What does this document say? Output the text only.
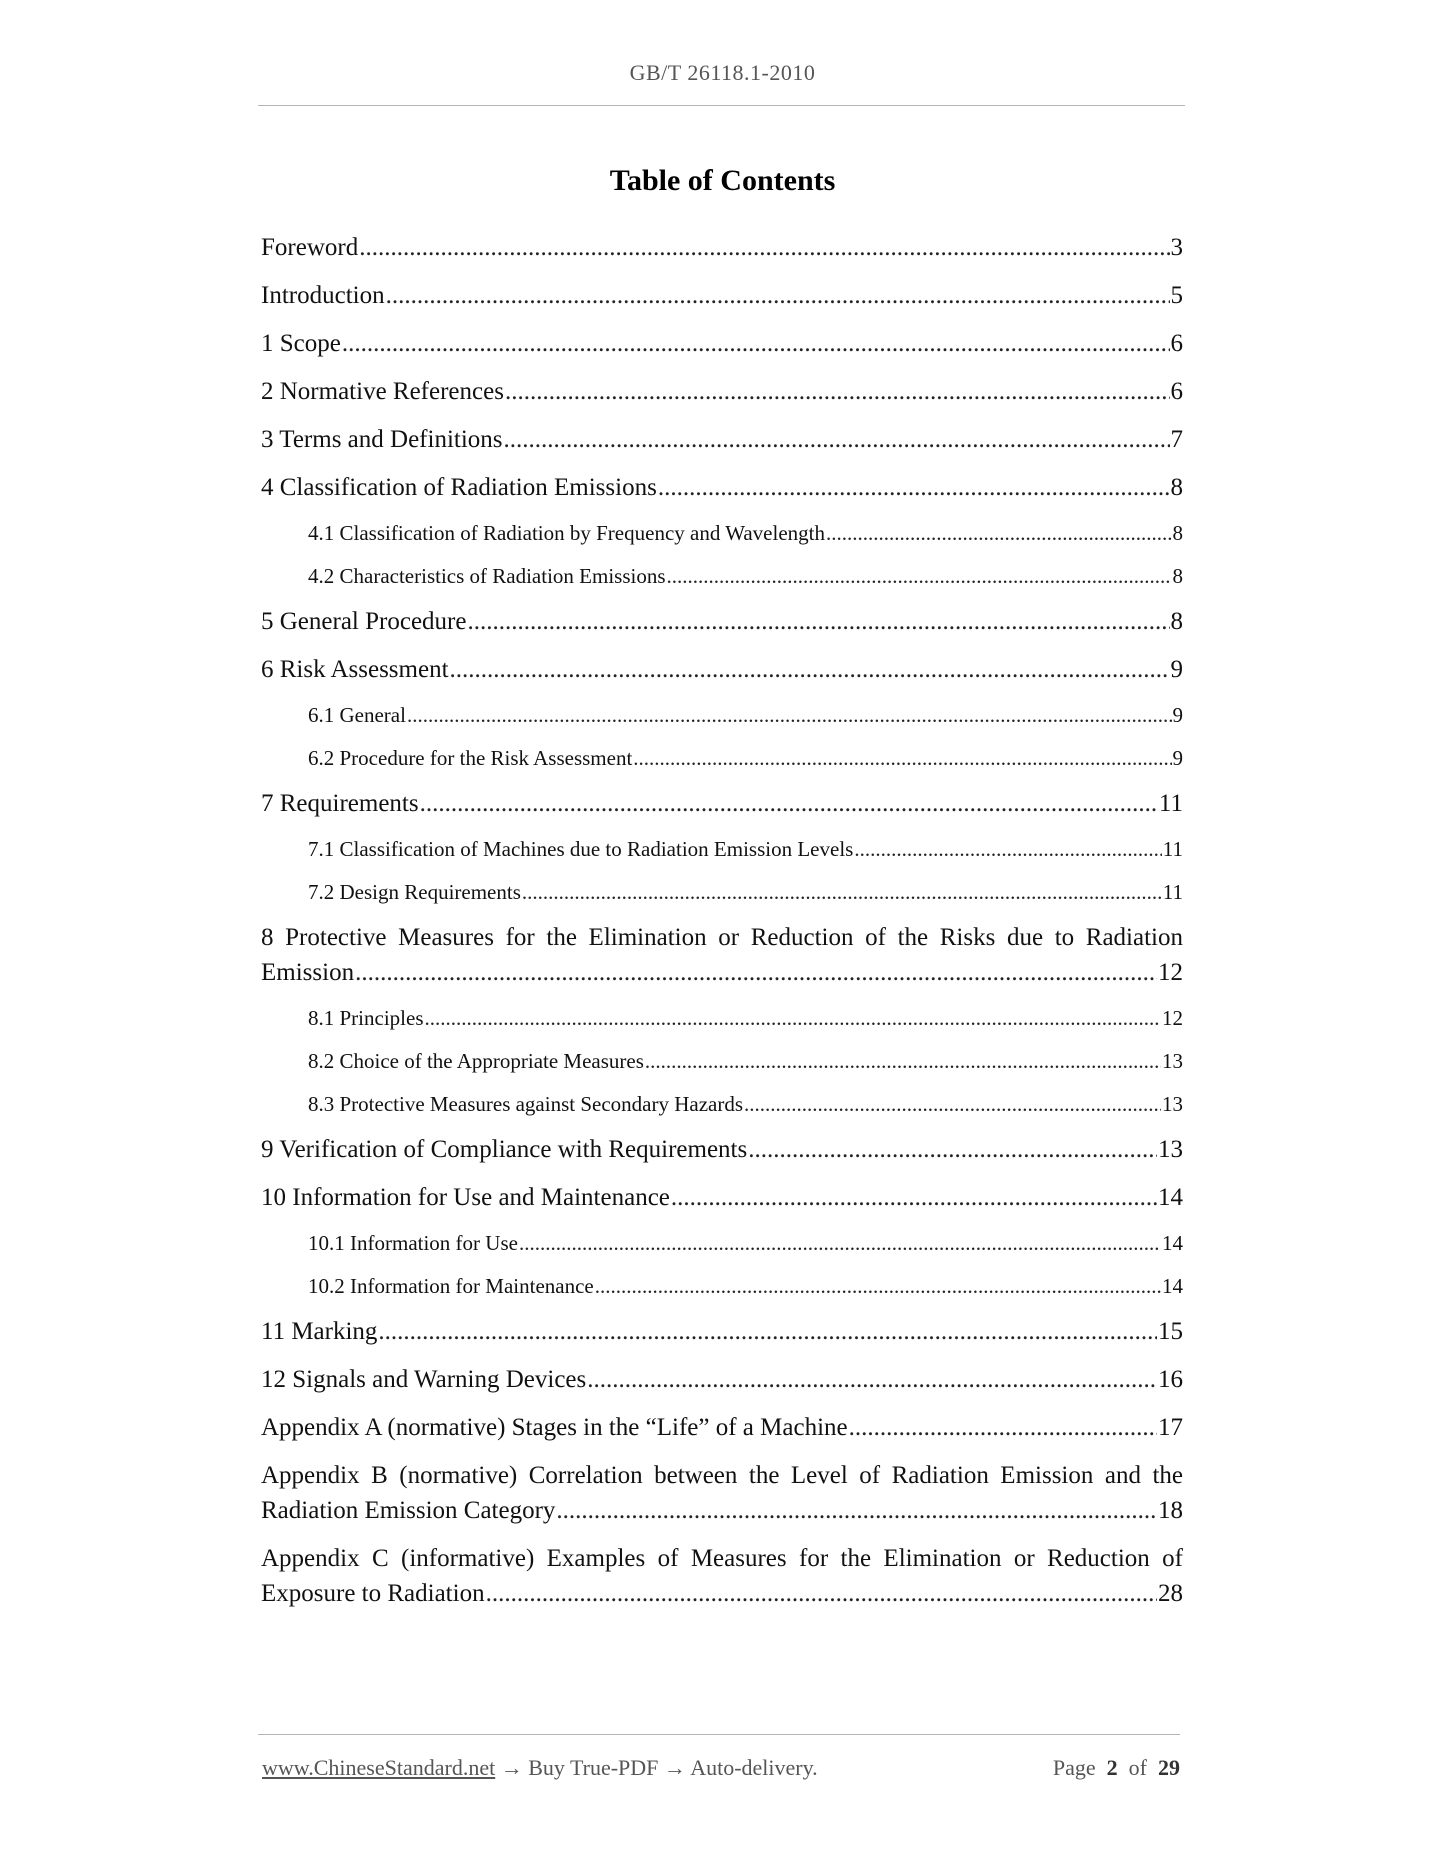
GB/T 26118.1-2010
Table of Contents
Foreword .....	3
Introduction .....	5
1 Scope .....	6
2 Normative References .....	6
3 Terms and Definitions .....	7
4 Classification of Radiation Emissions .....	8
4.1 Classification of Radiation by Frequency and Wavelength .....	8
4.2 Characteristics of Radiation Emissions .....	8
5 General Procedure .....	8
6 Risk Assessment .....	9
6.1 General .....	9
6.2 Procedure for the Risk Assessment .....	9
7 Requirements .....	11
7.1 Classification of Machines due to Radiation Emission Levels .....	11
7.2 Design Requirements .....	11
8 Protective Measures for the Elimination or Reduction of the Risks due to Radiation
Emission .....	12
8.1 Principles .....	12
8.2 Choice of the Appropriate Measures .....	13
8.3 Protective Measures against Secondary Hazards .....	13
9 Verification of Compliance with Requirements .....	13
10 Information for Use and Maintenance .....	14
10.1 Information for Use .....	14
10.2 Information for Maintenance .....	14
11 Marking .....	15
12 Signals and Warning Devices .....	16
Appendix A (normative) Stages in the “Life” of a Machine .....	17
Appendix B (normative) Correlation between the Level of Radiation Emission and the
Radiation Emission Category .....	18
Appendix C (informative) Examples of Measures for the Elimination or Reduction of
Exposure to Radiation .....	28
www.ChineseStandard.net → Buy True-PDF → Auto-delivery.	Page 2 of 29
